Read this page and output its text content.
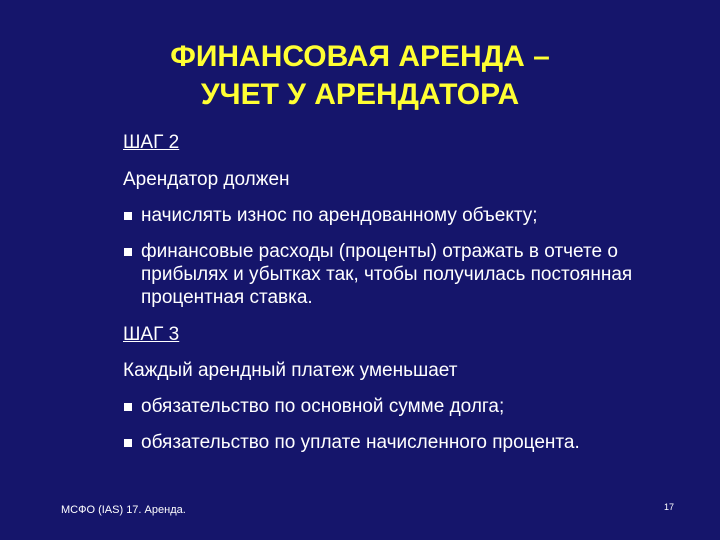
ФИНАНСОВАЯ АРЕНДА –
УЧЕТ У АРЕНДАТОРА
ШАГ 2
Арендатор должен
начислять износ по арендованному объекту;
финансовые расходы (проценты) отражать в отчете о прибылях и убытках так, чтобы получилась постоянная процентная ставка.
ШАГ 3
Каждый арендный платеж уменьшает
обязательство по основной сумме долга;
обязательство по уплате начисленного процента.
МСФО (IAS) 17. Аренда.	17
